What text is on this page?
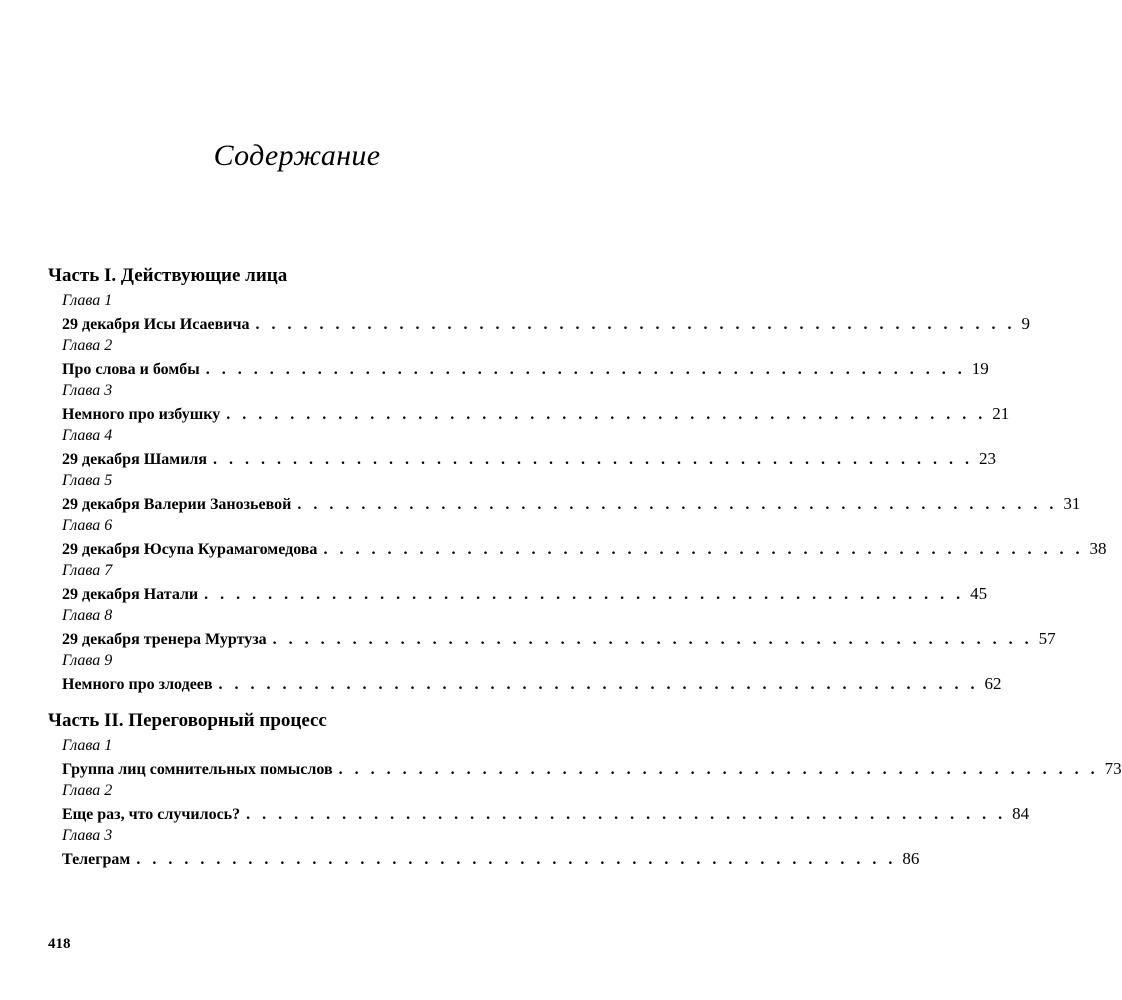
Содержание
Часть I. Действующие лица
Глава 1
29 декабря Исы Исаевича . . . . . . . . . . . . . . . . . . . . . . . . . . . . . . . . . . . . . . . . . . . . . . . . 9
Глава 2
Про слова и бомбы . . . . . . . . . . . . . . . . . . . . . . . . . . . . . . . . . . . . . . . . . . . . . . . . 19
Глава 3
Немного про избушку . . . . . . . . . . . . . . . . . . . . . . . . . . . . . . . . . . . . . . . . . . . . . . . . 21
Глава 4
29 декабря Шамиля . . . . . . . . . . . . . . . . . . . . . . . . . . . . . . . . . . . . . . . . . . . . . . . . 23
Глава 5
29 декабря Валерии Занозьевой . . . . . . . . . . . . . . . . . . . . . . . . . . . . . . . . . . . . . . . . . . . . . . . . 31
Глава 6
29 декабря Юсупа Курамагомедова . . . . . . . . . . . . . . . . . . . . . . . . . . . . . . . . . . . . . . . . . . . . . . . . 38
Глава 7
29 декабря Натали . . . . . . . . . . . . . . . . . . . . . . . . . . . . . . . . . . . . . . . . . . . . . . . . 45
Глава 8
29 декабря тренера Муртуза . . . . . . . . . . . . . . . . . . . . . . . . . . . . . . . . . . . . . . . . . . . . . . . . 57
Глава 9
Немного про злодеев . . . . . . . . . . . . . . . . . . . . . . . . . . . . . . . . . . . . . . . . . . . . . . . . 62
Часть II. Переговорный процесс
Глава 1
Группа лиц сомнительных помыслов . . . . . . . . . . . . . . . . . . . . . . . . . . . . . . . . . . . . . . . . . . . . . . . . 73
Глава 2
Еще раз, что случилось? . . . . . . . . . . . . . . . . . . . . . . . . . . . . . . . . . . . . . . . . . . . . . . . . 84
Глава 3
Телеграм . . . . . . . . . . . . . . . . . . . . . . . . . . . . . . . . . . . . . . . . . . . . . . . . 86
418
